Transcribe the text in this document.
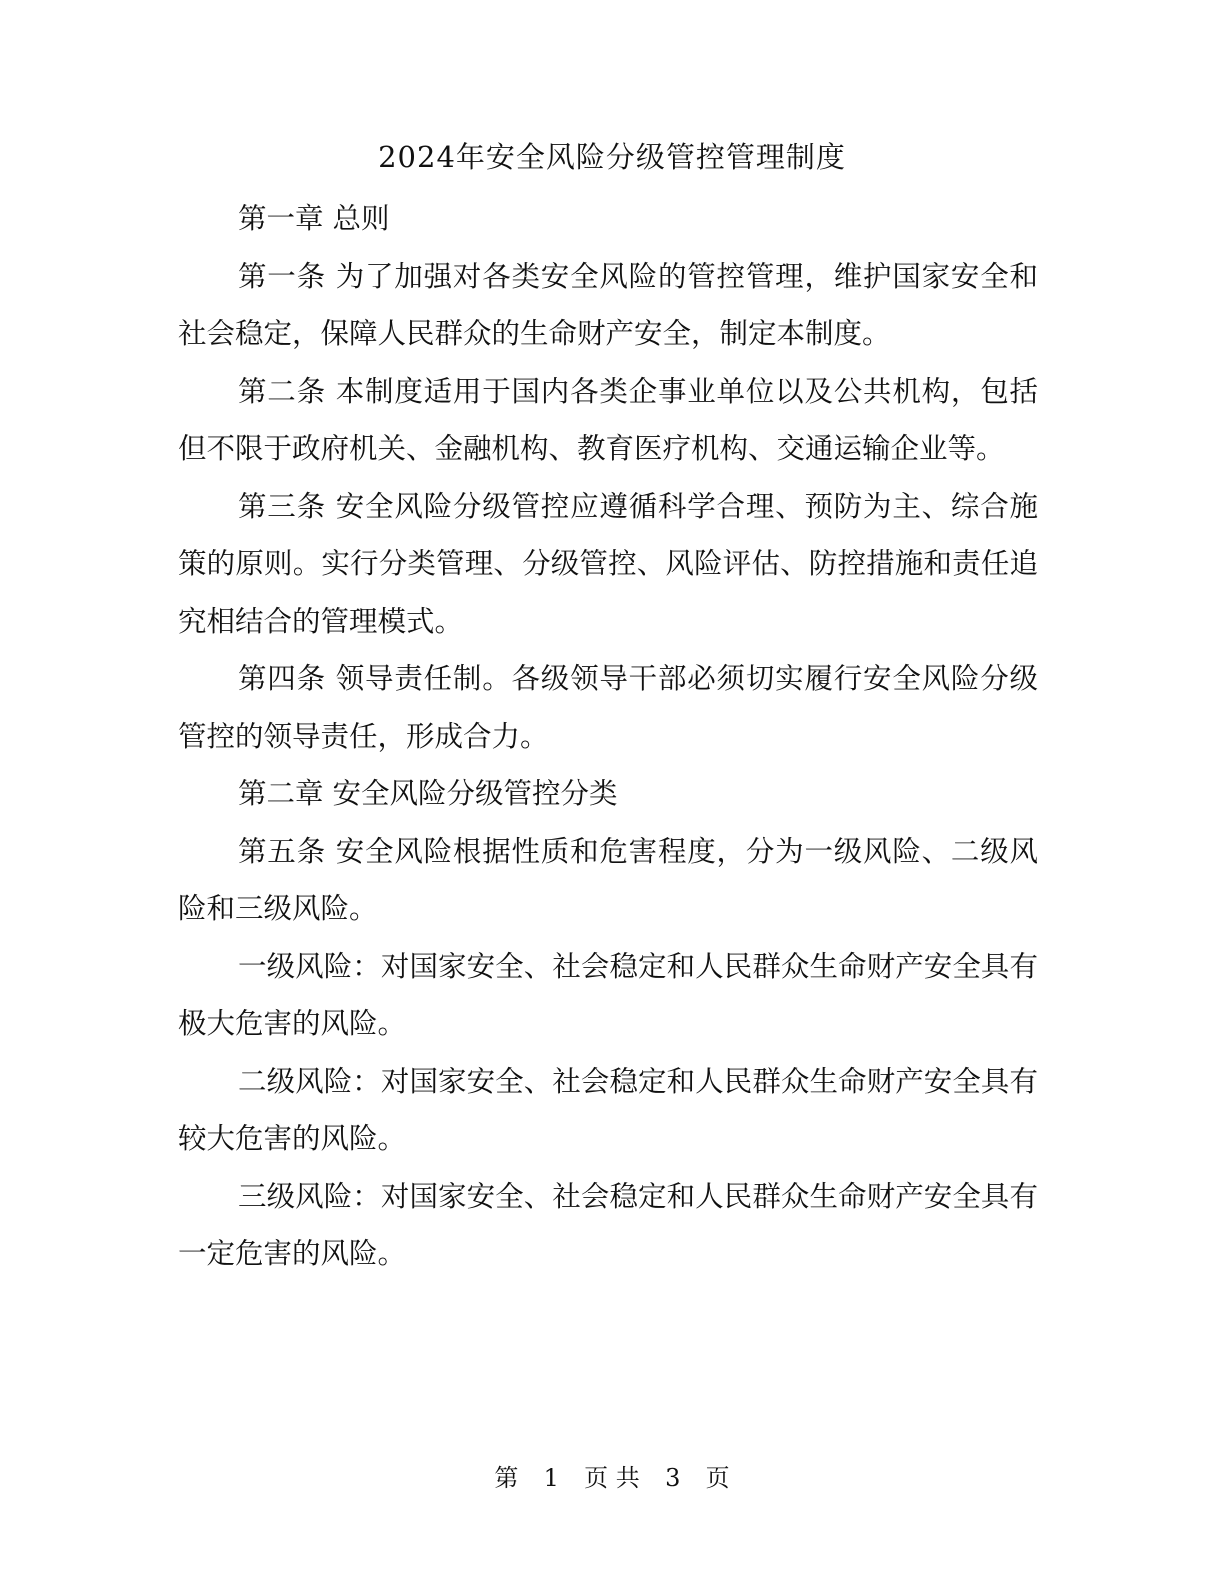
2024年安全风险分级管控管理制度

第一章 总则

第一条 为了加强对各类安全风险的管控管理，维护国家安全和社会稳定，保障人民群众的生命财产安全，制定本制度。

第二条 本制度适用于国内各类企事业单位以及公共机构，包括但不限于政府机关、金融机构、教育医疗机构、交通运输企业等。

第三条 安全风险分级管控应遵循科学合理、预防为主、综合施策的原则。实行分类管理、分级管控、风险评估、防控措施和责任追究相结合的管理模式。

第四条 领导责任制。各级领导干部必须切实履行安全风险分级管控的领导责任，形成合力。

第二章 安全风险分级管控分类

第五条 安全风险根据性质和危害程度，分为一级风险、二级风险和三级风险。

一级风险：对国家安全、社会稳定和人民群众生命财产安全具有极大危害的风险。

二级风险：对国家安全、社会稳定和人民群众生命财产安全具有较大危害的风险。

三级风险：对国家安全、社会稳定和人民群众生命财产安全具有一定危害的风险。

第 1 页 共 3 页
